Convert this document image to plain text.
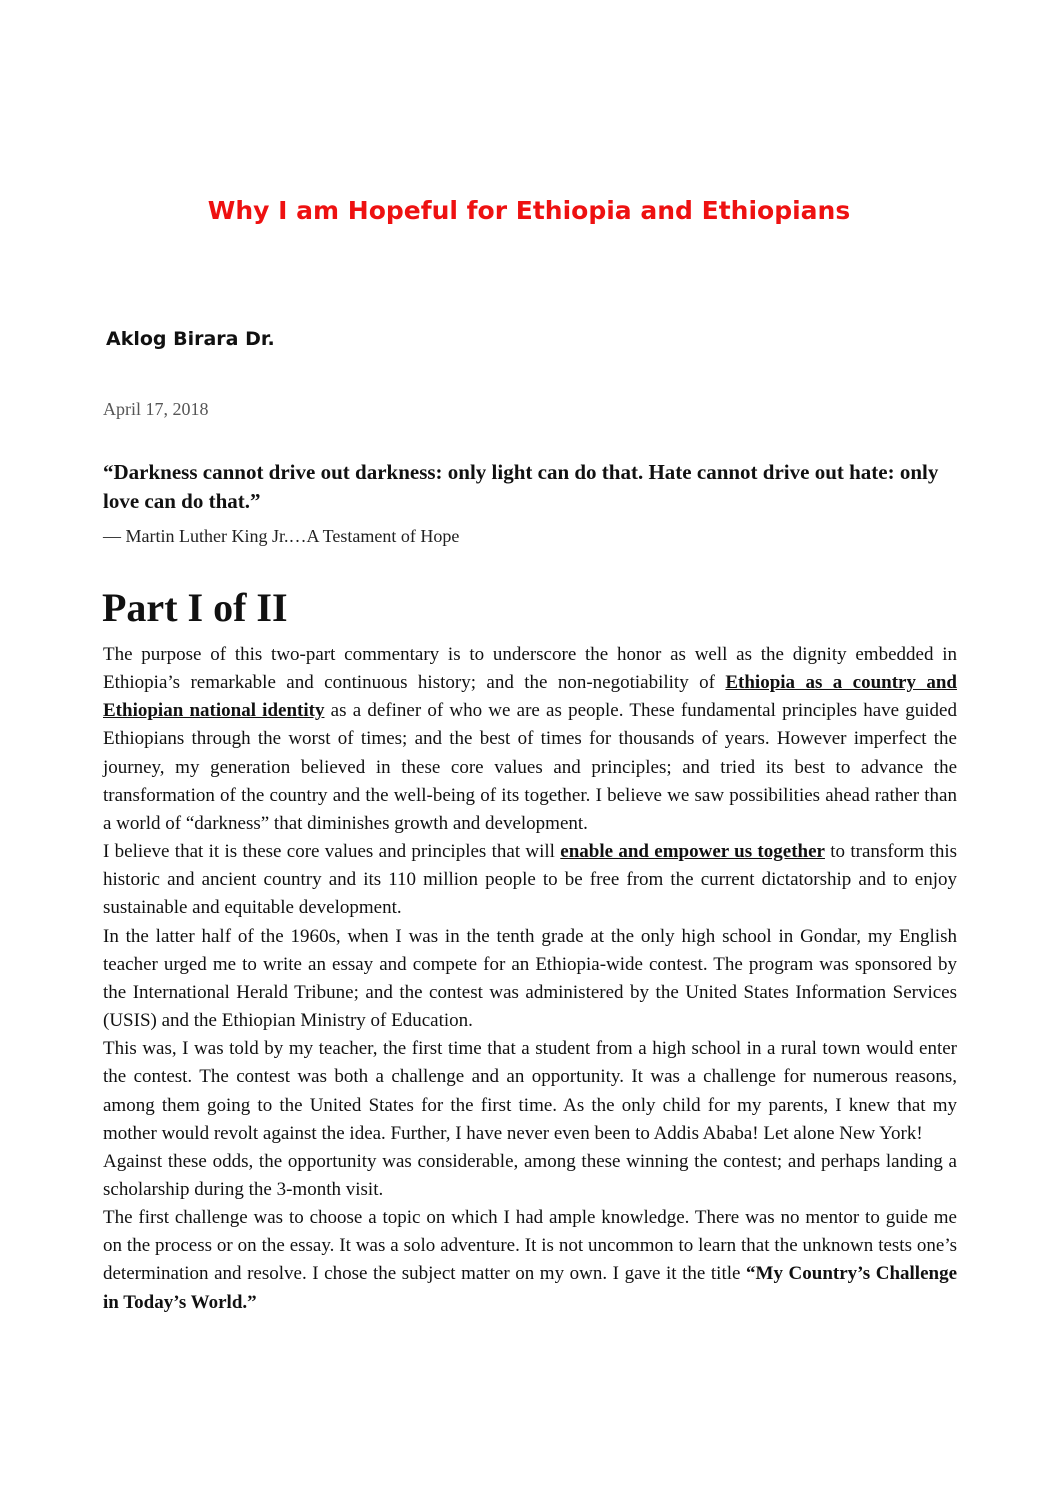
Why I am Hopeful for Ethiopia and Ethiopians
Aklog Birara Dr.
April 17, 2018
“Darkness cannot drive out darkness: only light can do that. Hate cannot drive out hate: only love can do that.”
― Martin Luther King Jr.…A Testament of Hope
Part I of II

The purpose of this two-part commentary is to underscore the honor as well as the dignity embedded in Ethiopia’s remarkable and continuous history; and the non-negotiability of Ethiopia as a country and Ethiopian national identity as a definer of who we are as people. These fundamental principles have guided Ethiopians through the worst of times; and the best of times for thousands of years. However imperfect the journey, my generation believed in these core values and principles; and tried its best to advance the transformation of the country and the well-being of its together. I believe we saw possibilities ahead rather than a world of “darkness” that diminishes growth and development.

I believe that it is these core values and principles that will enable and empower us together to transform this historic and ancient country and its 110 million people to be free from the current dictatorship and to enjoy sustainable and equitable development.

In the latter half of the 1960s, when I was in the tenth grade at the only high school in Gondar, my English teacher urged me to write an essay and compete for an Ethiopia-wide contest. The program was sponsored by the International Herald Tribune; and the contest was administered by the United States Information Services (USIS) and the Ethiopian Ministry of Education.

This was, I was told by my teacher, the first time that a student from a high school in a rural town would enter the contest. The contest was both a challenge and an opportunity. It was a challenge for numerous reasons, among them going to the United States for the first time. As the only child for my parents, I knew that my mother would revolt against the idea. Further, I have never even been to Addis Ababa! Let alone New York!

Against these odds, the opportunity was considerable, among these winning the contest; and perhaps landing a scholarship during the 3-month visit.

The first challenge was to choose a topic on which I had ample knowledge. There was no mentor to guide me on the process or on the essay. It was a solo adventure. It is not uncommon to learn that the unknown tests one’s determination and resolve. I chose the subject matter on my own. I gave it the title “My Country’s Challenge in Today’s World.”
